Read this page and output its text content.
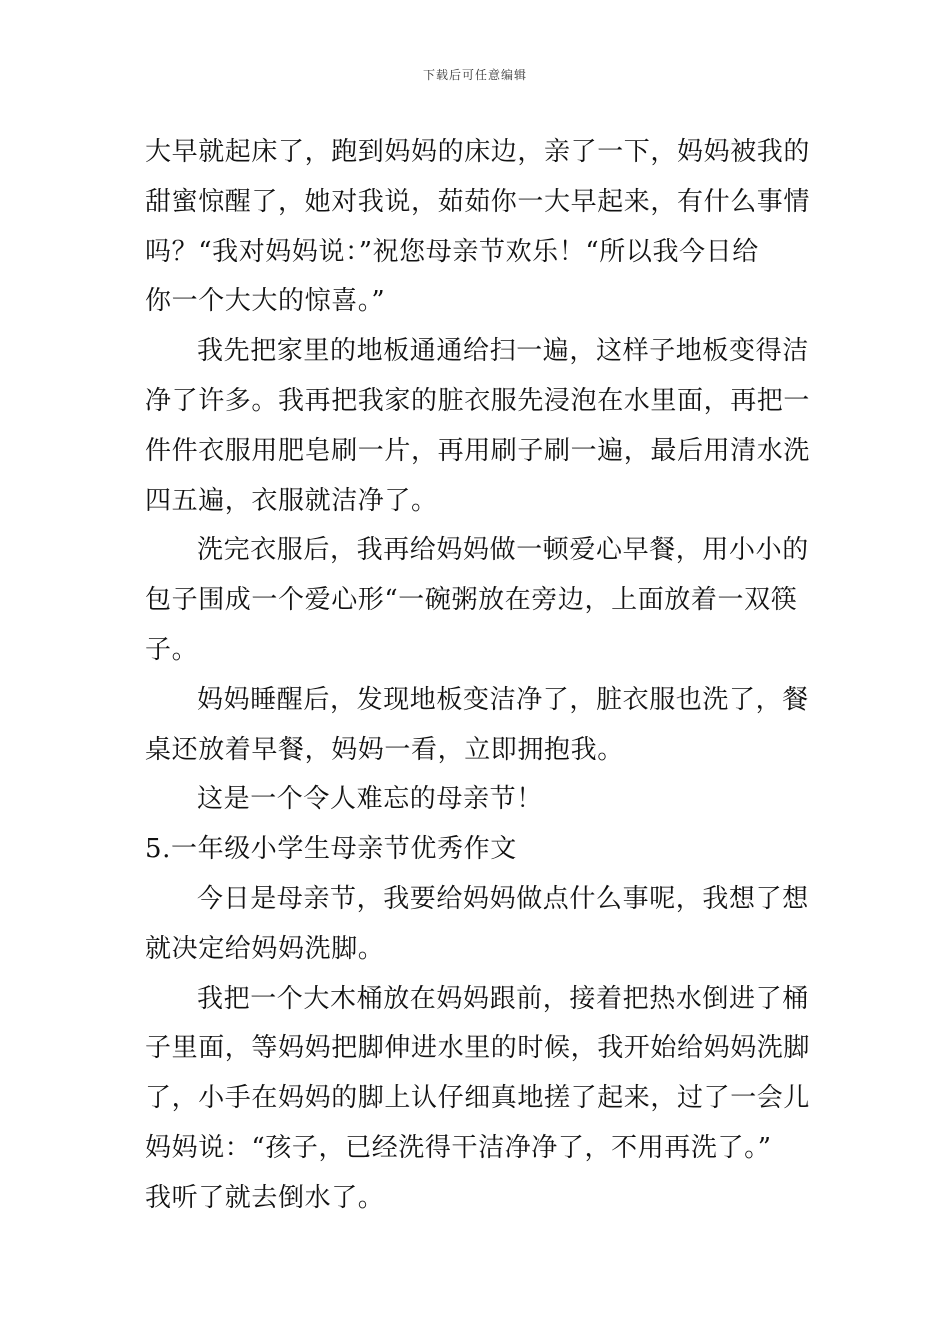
下载后可任意编辑
大早就起床了，跑到妈妈的床边，亲了一下，妈妈被我的
甜蜜惊醒了，她对我说，茹茹你一大早起来，有什么事情
吗？“我对妈妈说：”祝您母亲节欢乐！“所以我今日给
你一个大大的惊喜。”
我先把家里的地板通通给扫一遍，这样子地板变得洁
净了许多。我再把我家的脏衣服先浸泡在水里面，再把一
件件衣服用肥皂刷一片，再用刷子刷一遍，最后用清水洗
四五遍，衣服就洁净了。
洗完衣服后，我再给妈妈做一顿爱心早餐，用小小的
包子围成一个爱心形“一碗粥放在旁边，上面放着一双筷
子。
妈妈睡醒后，发现地板变洁净了，脏衣服也洗了，餐
桌还放着早餐，妈妈一看，立即拥抱我。
这是一个令人难忘的母亲节！
5.一年级小学生母亲节优秀作文
今日是母亲节，我要给妈妈做点什么事呢，我想了想
就决定给妈妈洗脚。
我把一个大木桶放在妈妈跟前，接着把热水倒进了桶
子里面，等妈妈把脚伸进水里的时候，我开始给妈妈洗脚
了，小手在妈妈的脚上认仔细真地搓了起来，过了一会儿
妈妈说：“孩子，已经洗得干洁净净了，不用再洗了。”
我听了就去倒水了。
